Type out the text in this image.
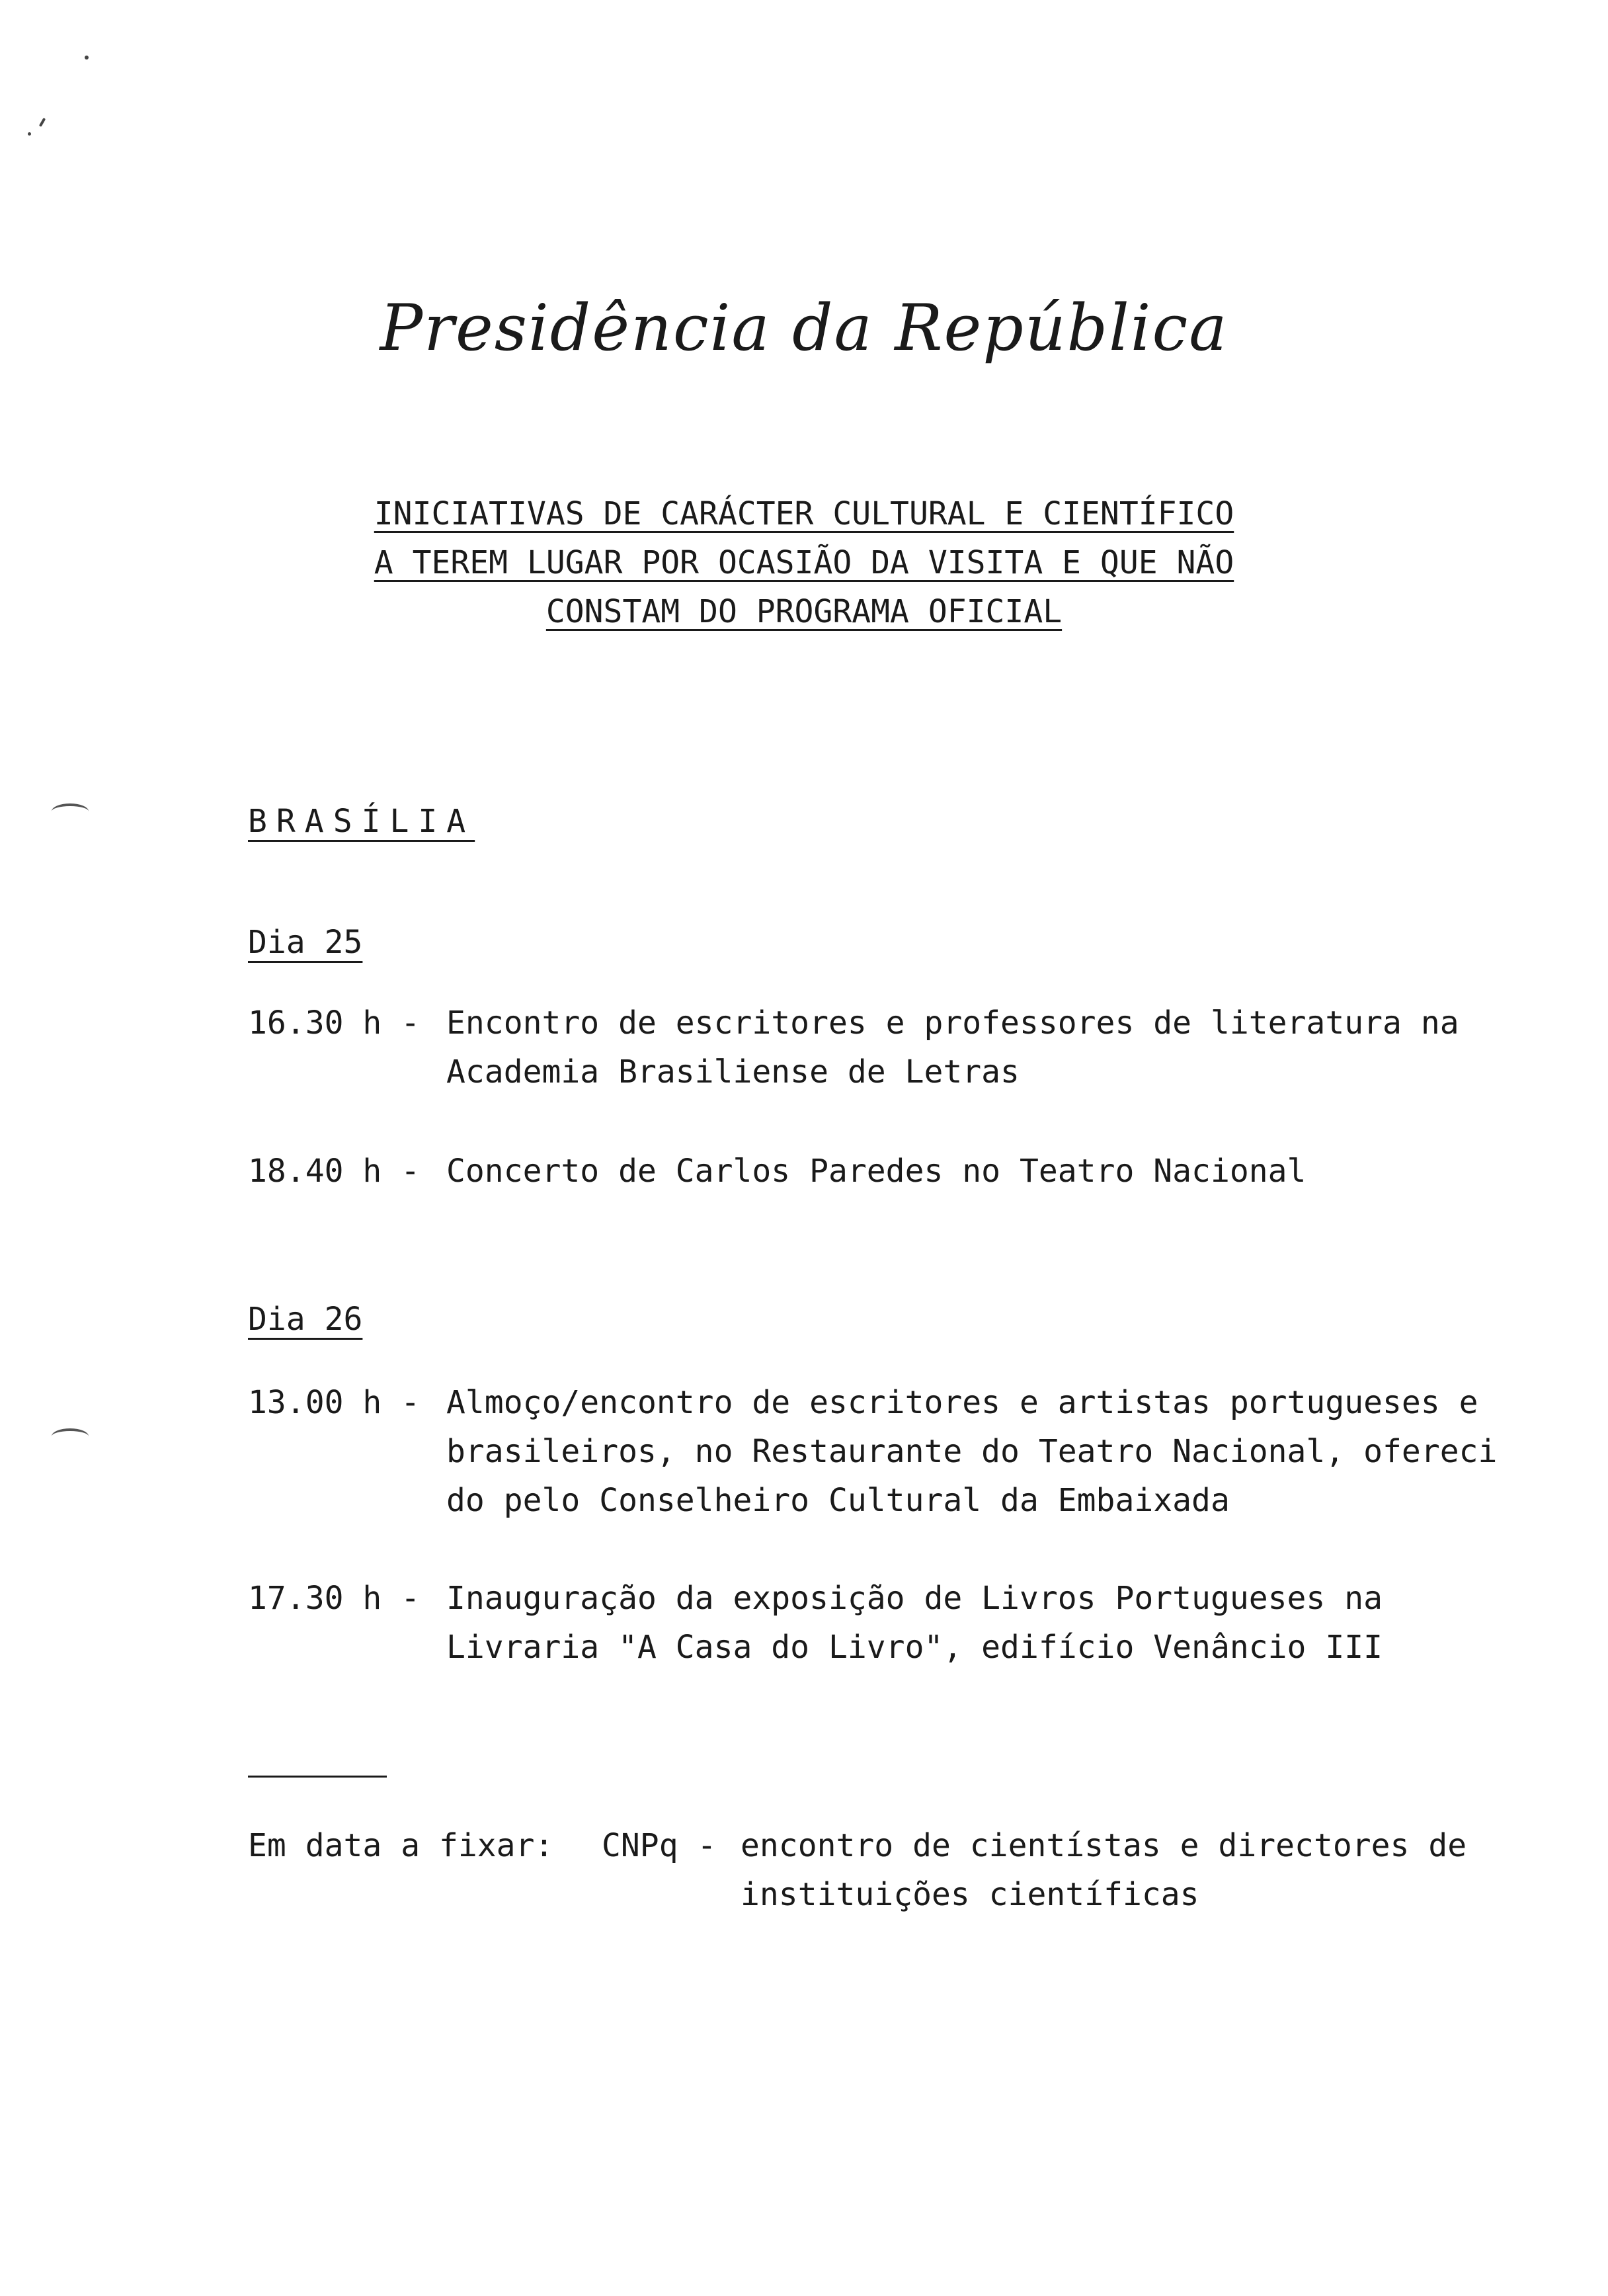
Presidência da República
INICIATIVAS DE CARÁCTER CULTURAL E CIENTÍFICO
A TEREM LUGAR POR OCASIÃO DA VISITA E QUE NÃO
CONSTAM DO PROGRAMA OFICIAL
BRASÍLIA
Dia 25
16.30 h - Encontro de escritores e professores de literatura na
Academia Brasiliense de Letras
18.40 h - Concerto de Carlos Paredes no Teatro Nacional
Dia 26
13.00 h - Almoço/encontro de escritores e artistas portugueses e
brasileiros, no Restaurante do Teatro Nacional, ofereci
do pelo Conselheiro Cultural da Embaixada
17.30 h - Inauguração da exposição de Livros Portugueses na
Livraria "A Casa do Livro", edifício Venâncio III
Em data a fixar: CNPq - encontro de cientístas e directores de
instituições científicas
